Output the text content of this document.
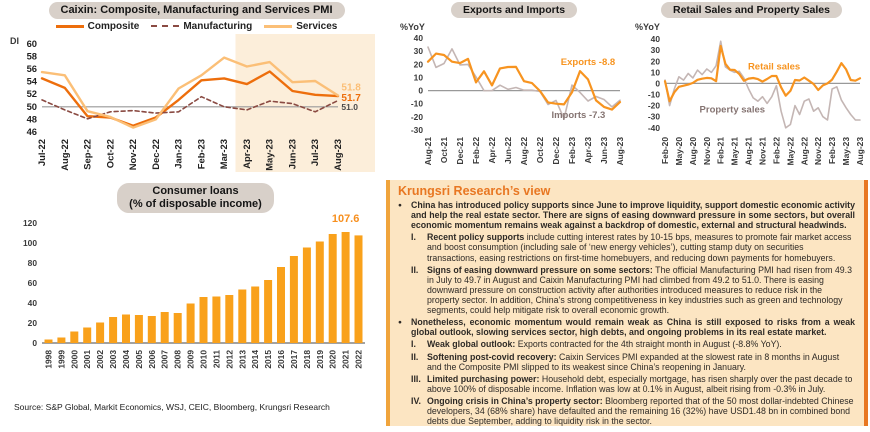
Caixin: Composite, Manufacturing and Services PMI
Composite	Manufacturing	Services
DI
46
48
50
52
54
56
58
60
Jul-22 Aug-22 Sep-22 Oct-22 Nov-22 Dec-22 Jan-23 Feb-23 Mar-23 Apr-23 May-23 Jun-23 Jul-23 Aug-23
51.8
51.7
51.0
Exports and Imports
%YoY
-30
-20
-10
0
10
20
30
40
Aug-21 Oct-21 Dec-21 Feb-22 Apr-22 Jun-22 Aug-22 Oct-22 Dec-22 Feb-23 Apr-23 Jun-23 Aug-23
Exports -8.8
Imports -7.3
Retail Sales and Property Sales
%YoY
-40
-30
-20
-10
0
10
20
30
40
Feb-20 May-20 Aug-20 Nov-20 Feb-21 May-21 Aug-21 Nov-21 Feb-22 May-22 Aug-22 Nov-22 Feb-23 May-23 Aug-23
Retail sales
Property sales
Consumer loans
(% of disposable income)
0
20
40
60
80
100
120
1998 1999 2000 2001 2002 2003 2004 2005 2006 2007 2008 2009 2010 2011 2012 2013 2014 2015 2016 2017 2018 2019 2020 2021 2022
107.6
Source: S&P Global, Markit Economics, WSJ, CEIC, Bloomberg, Krungsri Research
Krungsri Research’s view
●	China has introduced policy supports since June to improve liquidity, support domestic economic activity and help the real estate sector. There are signs of easing downward pressure in some sectors, but overall economic momentum remains weak against a backdrop of domestic, external and structural headwinds.
I.	Recent policy supports include cutting interest rates by 10-15 bps, measures to promote fair market access and boost consumption (including sale of ‘new energy vehicles’), cutting stamp duty on securities transactions, easing restrictions on first-time homebuyers, and reducing down payments for homebuyers.
II. Signs of easing downward pressure on some sectors: The official Manufacturing PMI had risen from 49.3 in July to 49.7 in August and Caixin Manufacturing PMI had climbed from 49.2 to 51.0. There is easing downward pressure on construction activity after authorities introduced measures to reduce risk in the property sector. In addition, China’s strong competitiveness in key industries such as green and technology segments, could help mitigate risk to overall economic growth.
●	Nonetheless, economic momentum would remain weak as China is still exposed to risks from a weak global outlook, slowing services sector, high debts, and ongoing problems in its real estate market.
I.	Weak global outlook: Exports contracted for the 4th straight month in August (-8.8% YoY).
II. Softening post-covid recovery: Caixin Services PMI expanded at the slowest rate in 8 months in August and the Composite PMI slipped to its weakest since China’s reopening in January.
III. Limited purchasing power: Household debt, especially mortgage, has risen sharply over the past decade to above 100% of disposable income. Inflation was low at 0.1% in August, albeit rising from -0.3% in July.
IV. Ongoing crisis in China’s property sector: Bloomberg reported that of the 50 most dollar-indebted Chinese developers, 34 (68% share) have defaulted and the remaining 16 (32%) have USD1.48 bn in combined bond debts due September, adding to liquidity risk in the sector.
